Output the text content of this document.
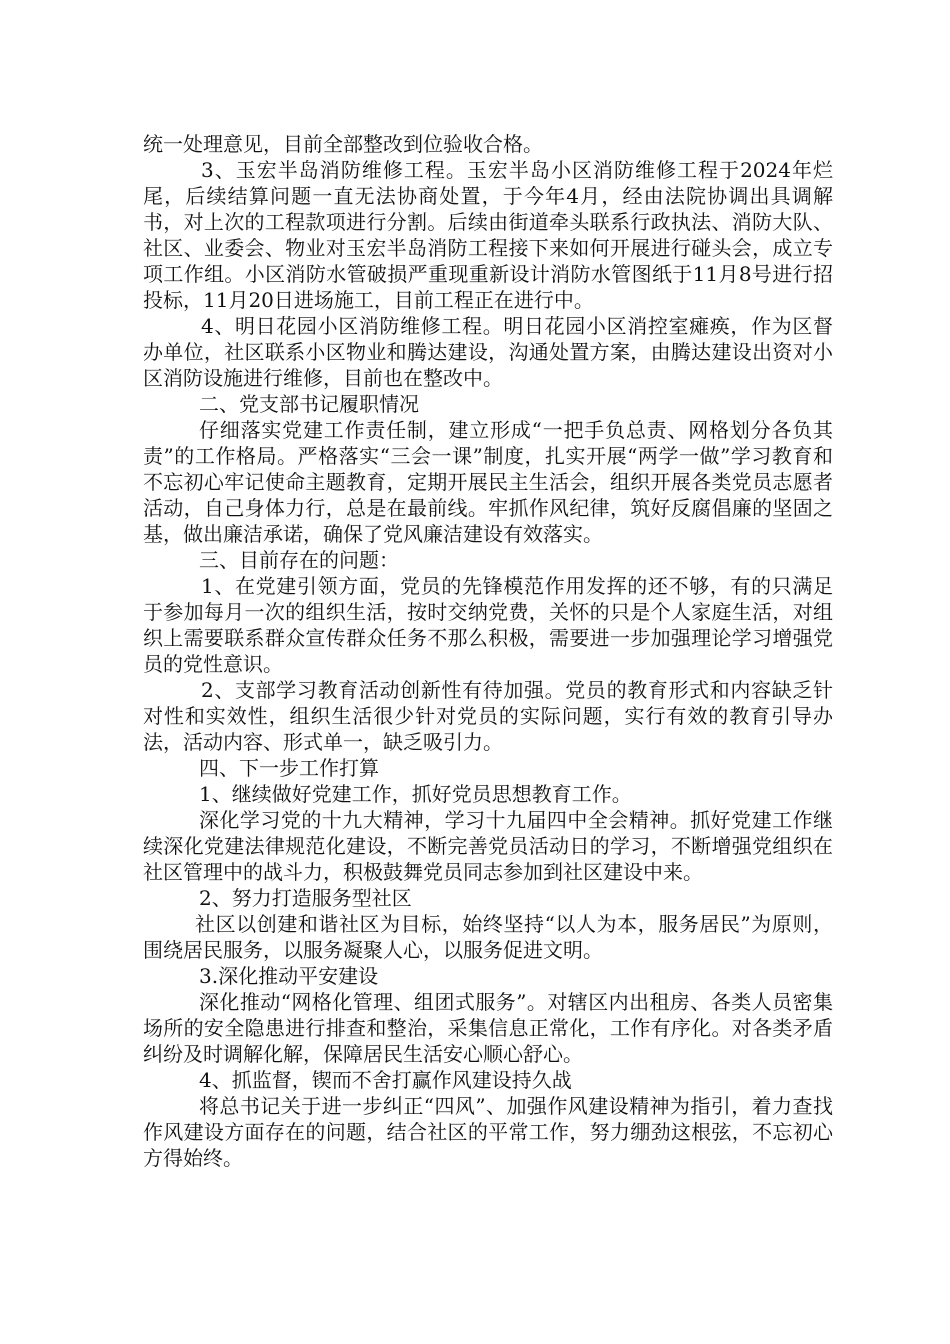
统一处理意见，目前全部整改到位验收合格。

3、玉宏半岛消防维修工程。玉宏半岛小区消防维修工程于2024年烂尾，后续结算问题一直无法协商处置，于今年4月，经由法院协调出具调解书，对上次的工程款项进行分割。后续由街道牵头联系行政执法、消防大队、社区、业委会、物业对玉宏半岛消防工程接下来如何开展进行碰头会，成立专项工作组。小区消防水管破损严重现重新设计消防水管图纸于11月8号进行招投标，11月20日进场施工，目前工程正在进行中。

4、明日花园小区消防维修工程。明日花园小区消控室瘫痪，作为区督办单位，社区联系小区物业和腾达建设，沟通处置方案，由腾达建设出资对小区消防设施进行维修，目前也在整改中。

二、党支部书记履职情况

仔细落实党建工作责任制，建立形成“一把手负总责、网格划分各负其责”的工作格局。严格落实“三会一课”制度，扎实开展“两学一做”学习教育和不忘初心牢记使命主题教育，定期开展民主生活会，组织开展各类党员志愿者活动，自己身体力行，总是在最前线。牢抓作风纪律，筑好反腐倡廉的坚固之基，做出廉洁承诺，确保了党风廉洁建设有效落实。

三、目前存在的问题：

1、在党建引领方面，党员的先锋模范作用发挥的还不够，有的只满足于参加每月一次的组织生活，按时交纳党费，关怀的只是个人家庭生活，对组织上需要联系群众宣传群众任务不那么积极，需要进一步加强理论学习增强党员的党性意识。

2、支部学习教育活动创新性有待加强。党员的教育形式和内容缺乏针对性和实效性，组织生活很少针对党员的实际问题，实行有效的教育引导办法，活动内容、形式单一，缺乏吸引力。

四、下一步工作打算

1、继续做好党建工作，抓好党员思想教育工作。

深化学习党的十九大精神，学习十九届四中全会精神。抓好党建工作继续深化党建法律规范化建设，不断完善党员活动日的学习，不断增强党组织在社区管理中的战斗力，积极鼓舞党员同志参加到社区建设中来。

2、努力打造服务型社区

社区以创建和谐社区为目标，始终坚持“以人为本，服务居民”为原则，围绕居民服务，以服务凝聚人心，以服务促进文明。

3.深化推动平安建设

深化推动“网格化管理、组团式服务”。对辖区内出租房、各类人员密集场所的安全隐患进行排查和整治，采集信息正常化，工作有序化。对各类矛盾纠纷及时调解化解，保障居民生活安心顺心舒心。

4、抓监督，锲而不舍打赢作风建设持久战

将总书记关于进一步纠正“四风”、加强作风建设精神为指引，着力查找作风建设方面存在的问题，结合社区的平常工作，努力绷劲这根弦，不忘初心方得始终。
